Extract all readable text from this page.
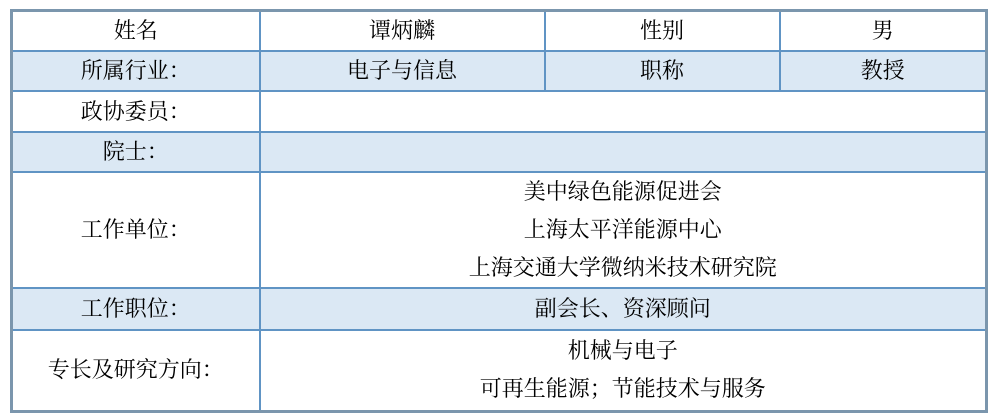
姓名	谭炳麟	性别	男
所属行业：	电子与信息	职称	教授
政协委员：			
院士：			
工作单位：	美中绿色能源促进会
上海太平洋能源中心
上海交通大学微纳米技术研究院		

工作职位：	副会长、资深顾问		

专长及研究方向：	机械与电子
可再生能源；节能技术与服务		
